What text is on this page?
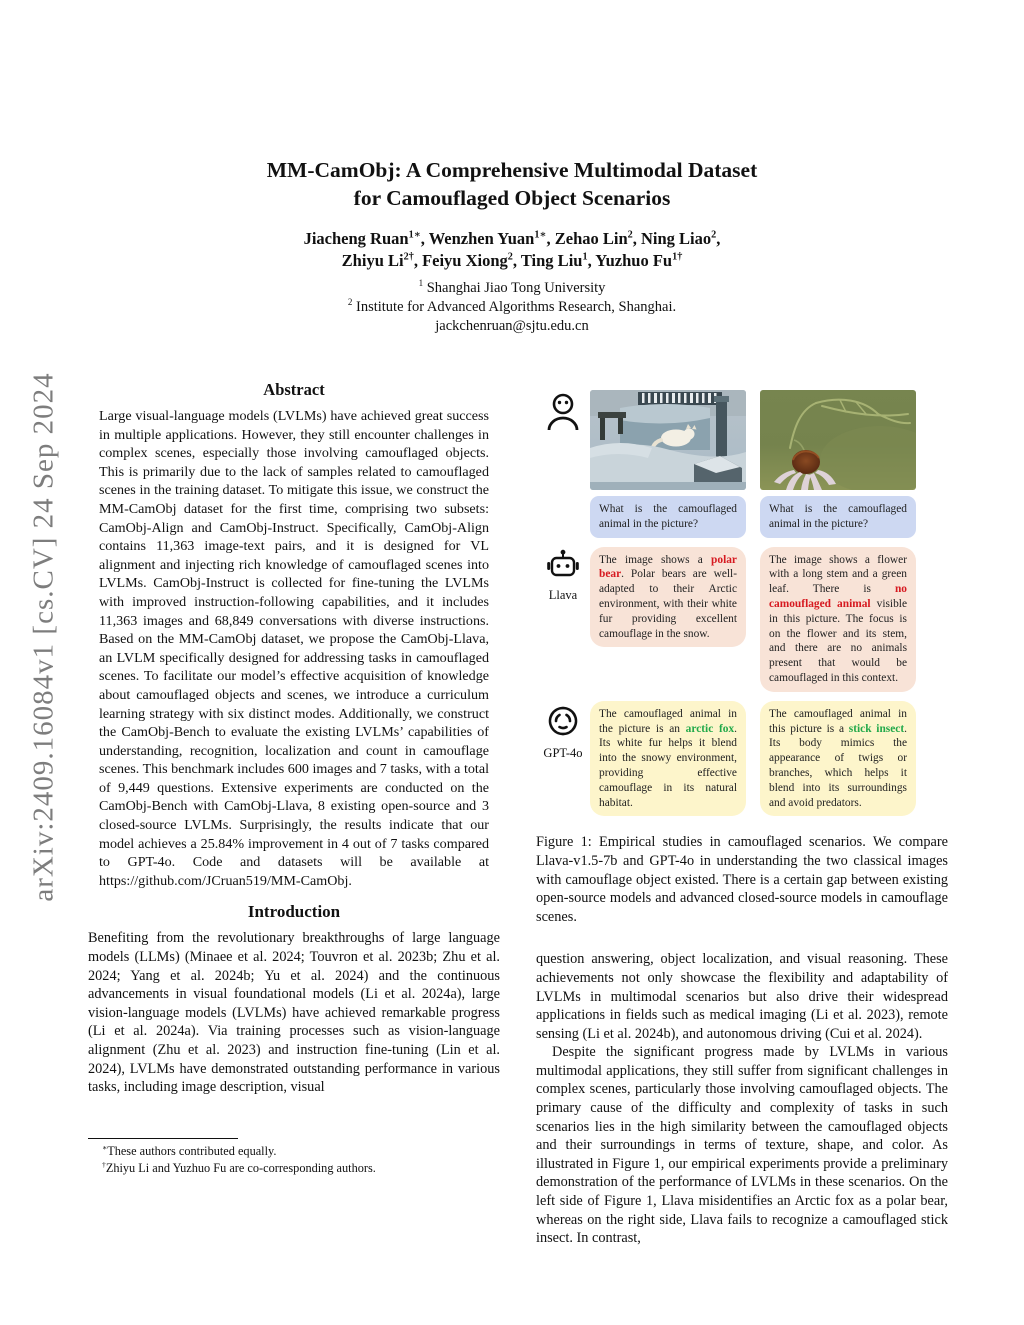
arXiv:2409.16084v1 [cs.CV] 24 Sep 2024
MM-CamObj: A Comprehensive Multimodal Dataset
for Camouflaged Object Scenarios
Jiacheng Ruan$^{1∗}$, Wenzhen Yuan$^{1∗}$, Zehao Lin$^2$, Ning Liao$^2$,
Zhiyu $Li^{2\dagger}$, Feiyu Xiong$^2$, Ting Liu$^1$, Yuzhuo $Fu^{1\dagger}$
$^1$ Shanghai Jiao Tong University
$^2$ Institute for Advanced Algorithms Research, Shanghai.
jackchenruan@sjtu.edu.cn
Abstract

Large visual-language models (LVLMs) have achieved great success in multiple applications. However, they still encounter challenges in complex scenes, especially those involving camouflaged objects. This is primarily due to the lack of samples related to camouflaged scenes in the training dataset. To mitigate this issue, we construct the MM-CamObj dataset for the first time, comprising two subsets: CamObj-Align and CamObj-Instruct. Specifically, CamObj-Align contains 11,363 image-text pairs, and it is designed for VL alignment and injecting rich knowledge of camouflaged scenes into LVLMs. CamObj-Instruct is collected for fine-tuning the LVLMs with improved instruction-following capabilities, and it includes 11,363 images and 68,849 conversations with diverse instructions. Based on the MM-CamObj dataset, we propose the CamObj-Llava, an LVLM specifically designed for addressing tasks in camouflaged scenes. To facilitate our model’s effective acquisition of knowledge about camouflaged objects and scenes, we introduce a curriculum learning strategy with six distinct modes. Additionally, we construct the CamObj-Bench to evaluate the existing LVLMs’ capabilities of understanding, recognition, localization and count in camouflage scenes. This benchmark includes 600 images and 7 tasks, with a total of 9,449 questions. Extensive experiments are conducted on the CamObj-Bench with CamObj-Llava, 8 existing open-source and 3 closed-source LVLMs. Surprisingly, the results indicate that our model achieves a 25.84% improvement in 4 out of 7 tasks compared to GPT-4o. Code and datasets will be available at https://github.com/JCruan519/MM-CamObj.

Introduction

Benefiting from the revolutionary breakthroughs of large language models (LLMs) (Minaee et al. 2024; Touvron et al. 2023b; Zhu et al. 2024; Yang et al. 2024b; Yu et al. 2024) and the continuous advancements in visual foundational models (Li et al. 2024a), large vision-language models (LVLMs) have achieved remarkable progress (Li et al. 2024a). Via training processes such as vision-language alignment (Zhu et al. 2023) and instruction fine-tuning (Lin et al. 2024), LVLMs have demonstrated outstanding performance in various tasks, including image description, visual

∗These authors contributed equally.
†Zhiyu Li and Yuzhuo Fu are co-corresponding authors.
What is the camouflaged animal in the picture?
What is the camouflaged animal in the picture?
Llava
The image shows a polar bear. Polar bears are well-adapted to their Arctic environment, with their white fur providing excellent camouflage in the snow.
The image shows a flower with a long stem and a green leaf. There is no camouflaged animal visible in this picture. The focus is on the flower and its stem, and there are no animals present that would be camouflaged in this context.
GPT-4o
The camouflaged animal in the picture is an arctic fox. Its white fur helps it blend into the snowy environment, providing effective camouflage in its natural habitat.
The camouflaged animal in this picture is a stick insect. Its body mimics the appearance of twigs or branches, which helps it blend into its surroundings and avoid predators.
Figure 1: Empirical studies in camouflaged scenarios. We compare Llava-v1.5-7b and GPT-4o in understanding the two classical images with camouflage object existed. There is a certain gap between existing open-source models and advanced closed-source models in camouflage scenes.

question answering, object localization, and visual reasoning. These achievements not only showcase the flexibility and adaptability of LVLMs in multimodal scenarios but also drive their widespread applications in fields such as medical imaging (Li et al. 2023), remote sensing (Li et al. 2024b), and autonomous driving (Cui et al. 2024).

Despite the significant progress made by LVLMs in various multimodal applications, they still suffer from significant challenges in complex scenes, particularly those involving camouflaged objects. The primary cause of the difficulty and complexity of tasks in such scenarios lies in the high similarity between the camouflaged objects and their surroundings in terms of texture, shape, and color. As illustrated in Figure 1, our empirical experiments provide a preliminary demonstration of the performance of LVLMs in these scenarios. On the left side of Figure 1, Llava misidentifies an Arctic fox as a polar bear, whereas on the right side, Llava fails to recognize a camouflaged stick insect. In contrast,
